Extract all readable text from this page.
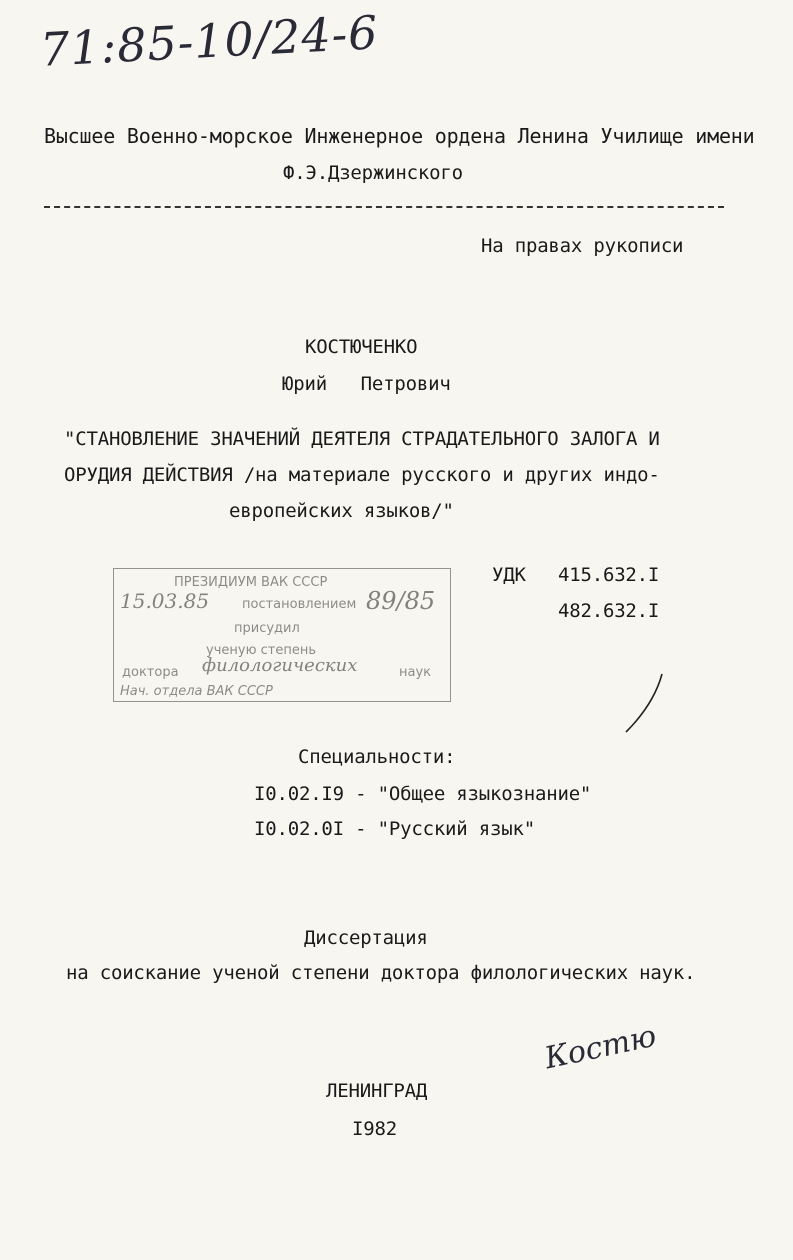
71:85-10/24-6
Высшее Военно-морское Инженерное ордена Ленина Училище имени
Ф.Э.Дзержинского
На правах рукописи
КОСТЮЧЕНКО
Юрий   Петрович
"СТАНОВЛЕНИЕ ЗНАЧЕНИЙ ДЕЯТЕЛЯ СТРАДАТЕЛЬНОГО ЗАЛОГА И
ОРУДИЯ ДЕЙСТВИЯ /на материале русского и других индо-
европейских языков/"
УДК 415.632.I
482.632.I
ПРЕЗИДИУМ ВАК СССР
постановлением
присудил
ученую степень
доктора	наук
Нач. отдела ВАК СССР
15.03.85	89/85
филологических
Специальности:
I0.02.I9 - "Общее языкознание"
I0.02.0I - "Русский язык"
Диссертация
на соискание ученой степени доктора филологических наук.
Костю
ЛЕНИНГРАД
I982
